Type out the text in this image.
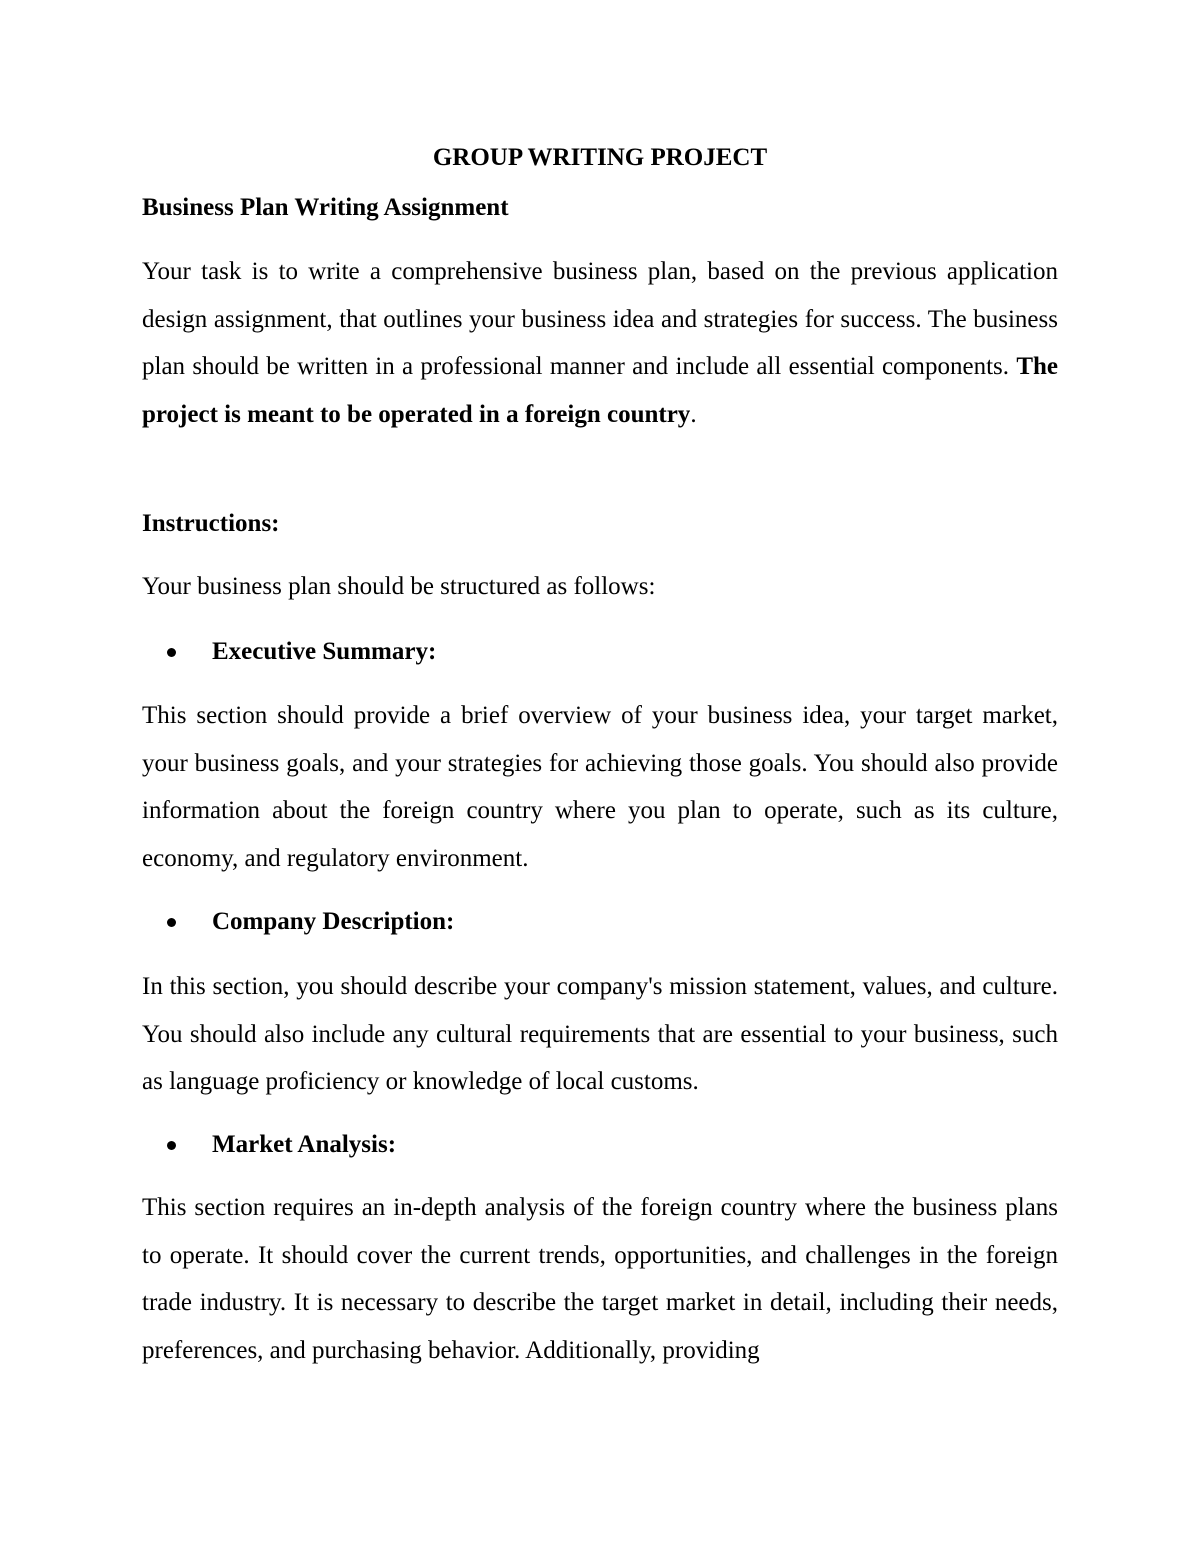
GROUP WRITING PROJECT

Business Plan Writing Assignment

Your task is to write a comprehensive business plan, based on the previous application design assignment, that outlines your business idea and strategies for success. The business plan should be written in a professional manner and include all essential components. The project is meant to be operated in a foreign country.

Instructions:

Your business plan should be structured as follows:

Executive Summary:

This section should provide a brief overview of your business idea, your target market, your business goals, and your strategies for achieving those goals. You should also provide information about the foreign country where you plan to operate, such as its culture, economy, and regulatory environment.

Company Description:

In this section, you should describe your company's mission statement, values, and culture. You should also include any cultural requirements that are essential to your business, such as language proficiency or knowledge of local customs.

Market Analysis:

This section requires an in-depth analysis of the foreign country where the business plans to operate. It should cover the current trends, opportunities, and challenges in the foreign trade industry. It is necessary to describe the target market in detail, including their needs, preferences, and purchasing behavior. Additionally, providing
